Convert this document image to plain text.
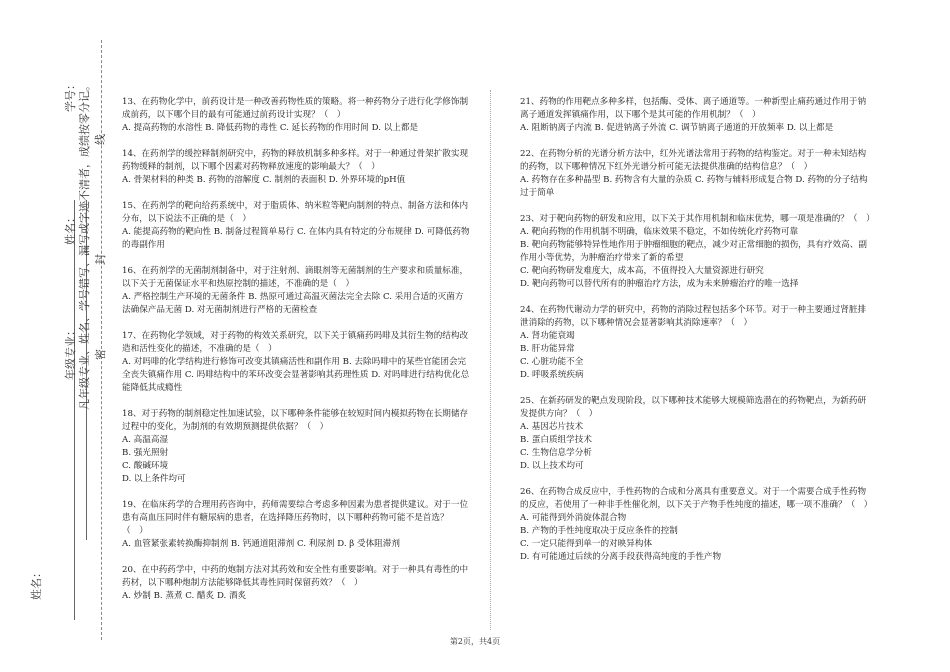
姓名：
年级专业：
姓名：
学号： 凡年级专业、姓名、学号错写、漏写或字迹不清者，成绩按零分记。 密
封
线
13、在药物化学中，前药设计是一种改善药物性质的策略。将一种药物分子进行化学修饰制成前药，以下哪个目的最有可能通过前药设计实现？（　）
A. 提高药物的水溶性 B. 降低药物的毒性 C. 延长药物的作用时间 D. 以上都是
14、在药剂学的缓控释制剂研究中，药物的释放机制多种多样。对于一种通过骨架扩散实现药物缓释的制剂，以下哪个因素对药物释放速度的影响最大？（　）
A. 骨架材料的种类 B. 药物的溶解度 C. 制剂的表面积 D. 外界环境的pH值
15、在药剂学的靶向给药系统中，对于脂质体、纳米粒等靶向制剂的特点、制备方法和体内分布，以下说法不正确的是（　）
A. 能提高药物的靶向性 B. 制备过程简单易行 C. 在体内具有特定的分布规律 D. 可降低药物的毒副作用
16、在药剂学的无菌制剂制备中，对于注射剂、滴眼剂等无菌制剂的生产要求和质量标准，以下关于无菌保证水平和热原控制的描述，不准确的是（　）
A. 严格控制生产环境的无菌条件 B. 热原可通过高温灭菌法完全去除 C. 采用合适的灭菌方法确保产品无菌 D. 对无菌制剂进行严格的无菌检查
17、在药物化学领域，对于药物的构效关系研究，以下关于镇痛药吗啡及其衍生物的结构改造和活性变化的描述，不准确的是（　）
A. 对吗啡的化学结构进行修饰可改变其镇痛活性和副作用 B. 去除吗啡中的某些官能团会完全丧失镇痛作用 C. 吗啡结构中的苯环改变会显著影响其药理性质 D. 对吗啡进行结构优化总能降低其成瘾性
18、对于药物的制剂稳定性加速试验，以下哪种条件能够在较短时间内模拟药物在长期储存过程中的变化，为制剂的有效期预测提供依据？（　）
A. 高温高湿
B. 强光照射
C. 酸碱环境
D. 以上条件均可
19、在临床药学的合理用药咨询中，药师需要综合考虑多种因素为患者提供建议。对于一位患有高血压同时伴有糖尿病的患者，在选择降压药物时，以下哪种药物可能不是首选？（　）
A. 血管紧张素转换酶抑制剂 B. 钙通道阻滞剂 C. 利尿剂 D. β 受体阻滞剂
20、在中药药学中，中药的炮制方法对其药效和安全性有重要影响。对于一种具有毒性的中药材，以下哪种炮制方法能够降低其毒性同时保留药效？（　）
A. 炒制 B. 蒸煮 C. 醋炙 D. 酒炙
21、药物的作用靶点多种多样，包括酶、受体、离子通道等。一种新型止痛药通过作用于钠离子通道发挥镇痛作用，以下哪个是其可能的作用机制？（　）
A. 阻断钠离子内流 B. 促进钠离子外流 C. 调节钠离子通道的开放频率 D. 以上都是
22、在药物分析的光谱分析方法中，红外光谱法常用于药物的结构鉴定。对于一种未知结构的药物，以下哪种情况下红外光谱分析可能无法提供准确的结构信息？（　）
A. 药物存在多种晶型 B. 药物含有大量的杂质 C. 药物与辅料形成复合物 D. 药物的分子结构过于简单
23、对于靶向药物的研发和应用，以下关于其作用机制和临床优势，哪一项是准确的？（　）
A. 靶向药物的作用机制不明确，临床效果不稳定，不如传统化疗药物可靠
B. 靶向药物能够特异性地作用于肿瘤细胞的靶点，减少对正常细胞的损伤，具有疗效高、副作用小等优势，为肿瘤治疗带来了新的希望
C. 靶向药物研发难度大，成本高，不值得投入大量资源进行研究
D. 靶向药物可以替代所有的肿瘤治疗方法，成为未来肿瘤治疗的唯一选择
24、在药物代谢动力学的研究中，药物的消除过程包括多个环节。对于一种主要通过肾脏排泄消除的药物，以下哪种情况会显著影响其消除速率？（　）
A. 肾功能衰竭
B. 肝功能异常
C. 心脏功能不全
D. 呼吸系统疾病
25、在新药研发的靶点发现阶段，以下哪种技术能够大规模筛选潜在的药物靶点，为新药研发提供方向？（　）
A. 基因芯片技术
B. 蛋白质组学技术
C. 生物信息学分析
D. 以上技术均可
26、在药物合成反应中，手性药物的合成和分离具有重要意义。对于一个需要合成手性药物的反应，若使用了一种非手性催化剂，以下关于产物手性纯度的描述，哪一项不准确？（　）
A. 可能得到外消旋体混合物
B. 产物的手性纯度取决于反应条件的控制
C. 一定只能得到单一的对映异构体
D. 有可能通过后续的分离手段获得高纯度的手性产物
第2页，共4页
